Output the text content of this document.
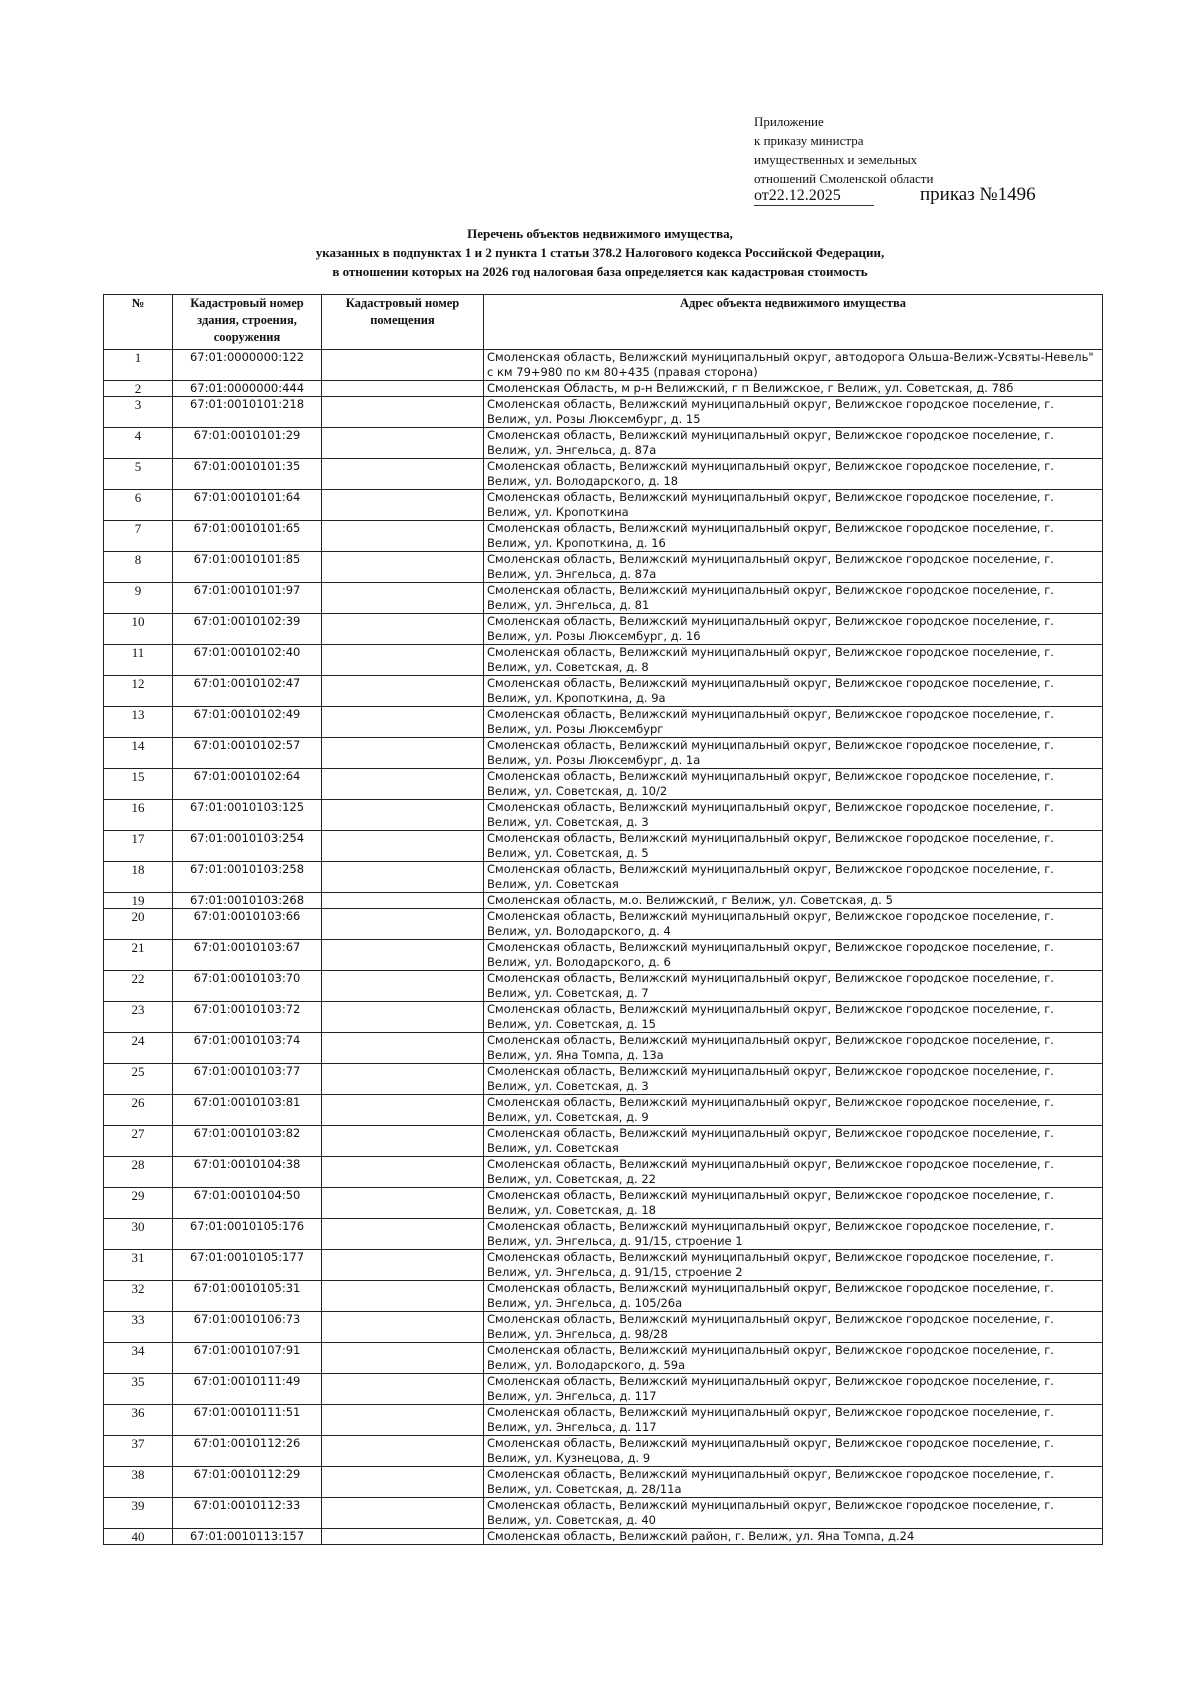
Приложение
к приказу министра
имущественных и земельных
отношений Смоленской области
от22.12.2025	приказ №1496
Перечень объектов недвижимого имущества,
указанных в подпунктах 1 и 2 пункта 1 статьи 378.2 Налогового кодекса Российской Федерации,
в отношении которых на 2026 год налоговая база определяется как кадастровая стоимость
№	Кадастровый номер здания, строения, сооружения	Кадастровый номер помещения	Адрес объекта недвижимого имущества
1	67:01:0000000:122		Смоленская область, Велижский муниципальный округ, автодорога Ольша-Велиж-Усвяты-Невель" с км 79+980 по км 80+435 (правая сторона)
2	67:01:0000000:444		Смоленская Область, м р-н Велижский, г п Велижское, г Велиж, ул. Советская, д. 78б
3	67:01:0010101:218		Смоленская область, Велижский муниципальный округ, Велижское городское поселение, г. Велиж, ул. Розы Люксембург, д. 15
4	67:01:0010101:29		Смоленская область, Велижский муниципальный округ, Велижское городское поселение, г. Велиж, ул. Энгельса, д. 87а
5	67:01:0010101:35		Смоленская область, Велижский муниципальный округ, Велижское городское поселение, г. Велиж, ул. Володарского, д. 18
6	67:01:0010101:64		Смоленская область, Велижский муниципальный округ, Велижское городское поселение, г. Велиж, ул. Кропоткина
7	67:01:0010101:65		Смоленская область, Велижский муниципальный округ, Велижское городское поселение, г. Велиж, ул. Кропоткина, д. 16
8	67:01:0010101:85		Смоленская область, Велижский муниципальный округ, Велижское городское поселение, г. Велиж, ул. Энгельса, д. 87а
9	67:01:0010101:97		Смоленская область, Велижский муниципальный округ, Велижское городское поселение, г. Велиж, ул. Энгельса, д. 81
10	67:01:0010102:39		Смоленская область, Велижский муниципальный округ, Велижское городское поселение, г. Велиж, ул. Розы Люксембург, д. 16
11	67:01:0010102:40		Смоленская область, Велижский муниципальный округ, Велижское городское поселение, г. Велиж, ул. Советская, д. 8
12	67:01:0010102:47		Смоленская область, Велижский муниципальный округ, Велижское городское поселение, г. Велиж, ул. Кропоткина, д. 9а
13	67:01:0010102:49		Смоленская область, Велижский муниципальный округ, Велижское городское поселение, г. Велиж, ул. Розы Люксембург
14	67:01:0010102:57		Смоленская область, Велижский муниципальный округ, Велижское городское поселение, г. Велиж, ул. Розы Люксембург, д. 1а
15	67:01:0010102:64		Смоленская область, Велижский муниципальный округ, Велижское городское поселение, г. Велиж, ул. Советская, д. 10/2
16	67:01:0010103:125		Смоленская область, Велижский муниципальный округ, Велижское городское поселение, г. Велиж, ул. Советская, д. 3
17	67:01:0010103:254		Смоленская область, Велижский муниципальный округ, Велижское городское поселение, г. Велиж, ул. Советская, д. 5
18	67:01:0010103:258		Смоленская область, Велижский муниципальный округ, Велижское городское поселение, г. Велиж, ул. Советская
19	67:01:0010103:268		Смоленская область, м.о. Велижский, г Велиж, ул. Советская, д. 5
20	67:01:0010103:66		Смоленская область, Велижский муниципальный округ, Велижское городское поселение, г. Велиж, ул. Володарского, д. 4
21	67:01:0010103:67		Смоленская область, Велижский муниципальный округ, Велижское городское поселение, г. Велиж, ул. Володарского, д. 6
22	67:01:0010103:70		Смоленская область, Велижский муниципальный округ, Велижское городское поселение, г. Велиж, ул. Советская, д. 7
23	67:01:0010103:72		Смоленская область, Велижский муниципальный округ, Велижское городское поселение, г. Велиж, ул. Советская, д. 15
24	67:01:0010103:74		Смоленская область, Велижский муниципальный округ, Велижское городское поселение, г. Велиж, ул. Яна Томпа, д. 13а
25	67:01:0010103:77		Смоленская область, Велижский муниципальный округ, Велижское городское поселение, г. Велиж, ул. Советская, д. 3
26	67:01:0010103:81		Смоленская область, Велижский муниципальный округ, Велижское городское поселение, г. Велиж, ул. Советская, д. 9
27	67:01:0010103:82		Смоленская область, Велижский муниципальный округ, Велижское городское поселение, г. Велиж, ул. Советская
28	67:01:0010104:38		Смоленская область, Велижский муниципальный округ, Велижское городское поселение, г. Велиж, ул. Советская, д. 22
29	67:01:0010104:50		Смоленская область, Велижский муниципальный округ, Велижское городское поселение, г. Велиж, ул. Советская, д. 18
30	67:01:0010105:176		Смоленская область, Велижский муниципальный округ, Велижское городское поселение, г. Велиж, ул. Энгельса, д. 91/15, строение 1
31	67:01:0010105:177		Смоленская область, Велижский муниципальный округ, Велижское городское поселение, г. Велиж, ул. Энгельса, д. 91/15, строение 2
32	67:01:0010105:31		Смоленская область, Велижский муниципальный округ, Велижское городское поселение, г. Велиж, ул. Энгельса, д. 105/26а
33	67:01:0010106:73		Смоленская область, Велижский муниципальный округ, Велижское городское поселение, г. Велиж, ул. Энгельса, д. 98/28
34	67:01:0010107:91		Смоленская область, Велижский муниципальный округ, Велижское городское поселение, г. Велиж, ул. Володарского, д. 59а
35	67:01:0010111:49		Смоленская область, Велижский муниципальный округ, Велижское городское поселение, г. Велиж, ул. Энгельса, д. 117
36	67:01:0010111:51		Смоленская область, Велижский муниципальный округ, Велижское городское поселение, г. Велиж, ул. Энгельса, д. 117
37	67:01:0010112:26		Смоленская область, Велижский муниципальный округ, Велижское городское поселение, г. Велиж, ул. Кузнецова, д. 9
38	67:01:0010112:29		Смоленская область, Велижский муниципальный округ, Велижское городское поселение, г. Велиж, ул. Советская, д. 28/11а
39	67:01:0010112:33		Смоленская область, Велижский муниципальный округ, Велижское городское поселение, г. Велиж, ул. Советская, д. 40
40	67:01:0010113:157		Смоленская область, Велижский район, г. Велиж, ул. Яна Томпа, д.24
